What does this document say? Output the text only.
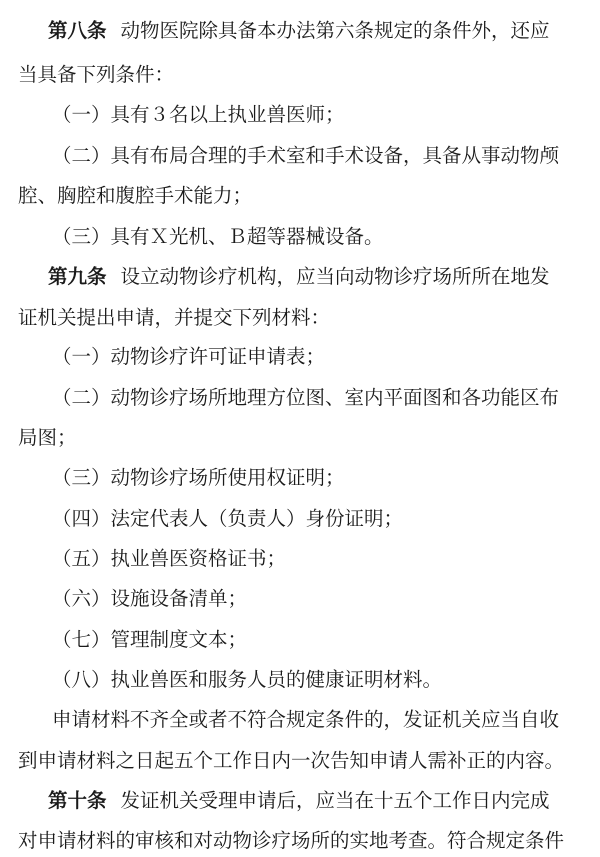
第八条 动物医院除具备本办法第六条规定的条件外，还应
当具备下列条件：
（一）具有３名以上执业兽医师；
（二）具有布局合理的手术室和手术设备，具备从事动物颅
腔、胸腔和腹腔手术能力；
（三）具有Ｘ光机、Ｂ超等器械设备。
第九条 设立动物诊疗机构，应当向动物诊疗场所所在地发
证机关提出申请，并提交下列材料：
（一）动物诊疗许可证申请表；
（二）动物诊疗场所地理方位图、室内平面图和各功能区布
局图；
（三）动物诊疗场所使用权证明；
（四）法定代表人（负责人）身份证明；
（五）执业兽医资格证书；
（六）设施设备清单；
（七）管理制度文本；
（八）执业兽医和服务人员的健康证明材料。
申请材料不齐全或者不符合规定条件的，发证机关应当自收
到申请材料之日起五个工作日内一次告知申请人需补正的内容。
第十条 发证机关受理申请后，应当在十五个工作日内完成
对申请材料的审核和对动物诊疗场所的实地考查。符合规定条件
